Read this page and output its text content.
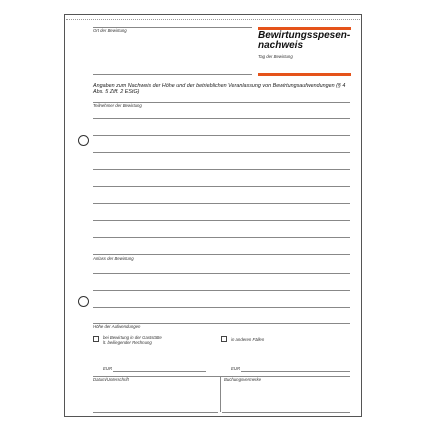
Ort der Bewirtung	Bewirtungsspesen-
nachweis
Tag der Bewirtung
Angaben zum Nachweis der Höhe und der betrieblichen Veranlassung von Bewirtungsaufwendungen (§ 4 Abs. 5 Ziff. 2 EStG)
Teilnehmer der Bewirtung
Anlass der Bewirtung
Höhe der Aufwendungen
bei Bewirtung in der Gaststätte
lt. beiliegender Rechnung
in anderen Fällen
EUR	EUR
Datum/Unterschrift	Buchungsvermerke
